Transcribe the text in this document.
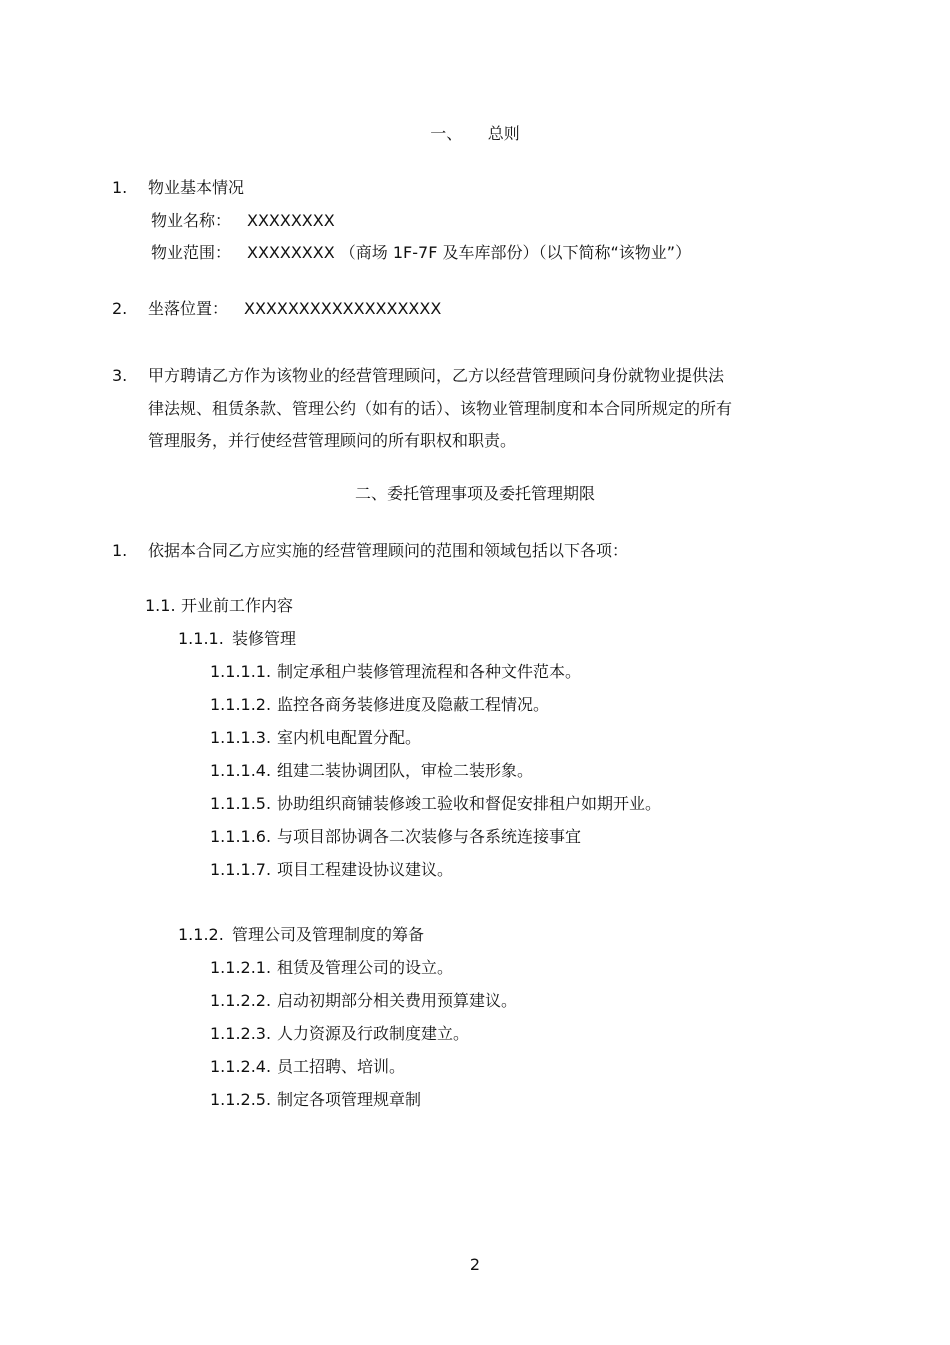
一、 总则
1. 物业基本情况
物业名称： XXXXXXXX
物业范围： XXXXXXXX （商场 1F-7F 及车库部份）（以下简称“该物业”）
2. 坐落位置： XXXXXXXXXXXXXXXXXX
3. 甲方聘请乙方作为该物业的经营管理顾问，乙方以经营管理顾问身份就物业提供法
律法规、租赁条款、管理公约（如有的话）、该物业管理制度和本合同所规定的所有
管理服务，并行使经营管理顾问的所有职权和职责。
二、委托管理事项及委托管理期限
1. 依据本合同乙方应实施的经营管理顾问的范围和领域包括以下各项：
1.1. 开业前工作内容
1.1.1. 装修管理
1.1.1.1. 制定承租户装修管理流程和各种文件范本。
1.1.1.2. 监控各商务装修进度及隐蔽工程情况。
1.1.1.3. 室内机电配置分配。
1.1.1.4. 组建二装协调团队，审检二装形象。
1.1.1.5. 协助组织商铺装修竣工验收和督促安排租户如期开业。
1.1.1.6. 与项目部协调各二次装修与各系统连接事宜
1.1.1.7. 项目工程建设协议建议。
1.1.2. 管理公司及管理制度的筹备
1.1.2.1. 租赁及管理公司的设立。
1.1.2.2. 启动初期部分相关费用预算建议。
1.1.2.3. 人力资源及行政制度建立。
1.1.2.4. 员工招聘、培训。
1.1.2.5. 制定各项管理规章制
2
